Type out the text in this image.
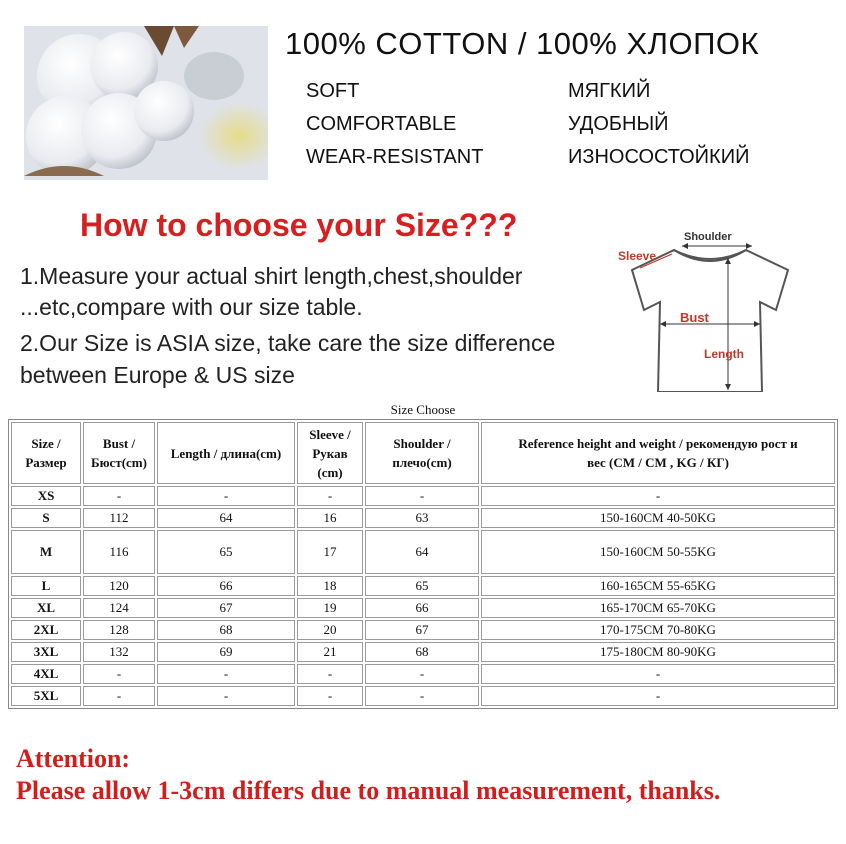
100% COTTON / 100% ХЛОПОК
SOFT
COMFORTABLE
WEAR-RESISTANT
МЯГКИЙ
УДОБНЫЙ
ИЗНОСОСТОЙКИЙ
How to choose your Size???
1.Measure your actual shirt length,chest,shoulder
...etc,compare with our size table.
2.Our Size is ASIA size, take care the size difference
between Europe & US size
Shoulder
Sleeve
Bust
Length
Size Choose
Size /
Размер	Bust /
Бюст(cm)	Length / длина(cm)	Sleeve /
Рукав
(cm)	Shoulder /
плечо(cm)	Reference height and weight / рекомендую рост и
вес (CM / CM , KG / КГ)
XS	-	-	-	-	-
S	112	64	16	63	150-160CM 40-50KG
M	116	65	17	64	150-160CM 50-55KG
L	120	66	18	65	160-165CM 55-65KG
XL	124	67	19	66	165-170CM 65-70KG
2XL	128	68	20	67	170-175CM 70-80KG
3XL	132	69	21	68	175-180CM 80-90KG
4XL	-	-	-	-	-
5XL	-	-	-	-	-
Attention:
Please allow 1-3cm differs due to manual measurement, thanks.
